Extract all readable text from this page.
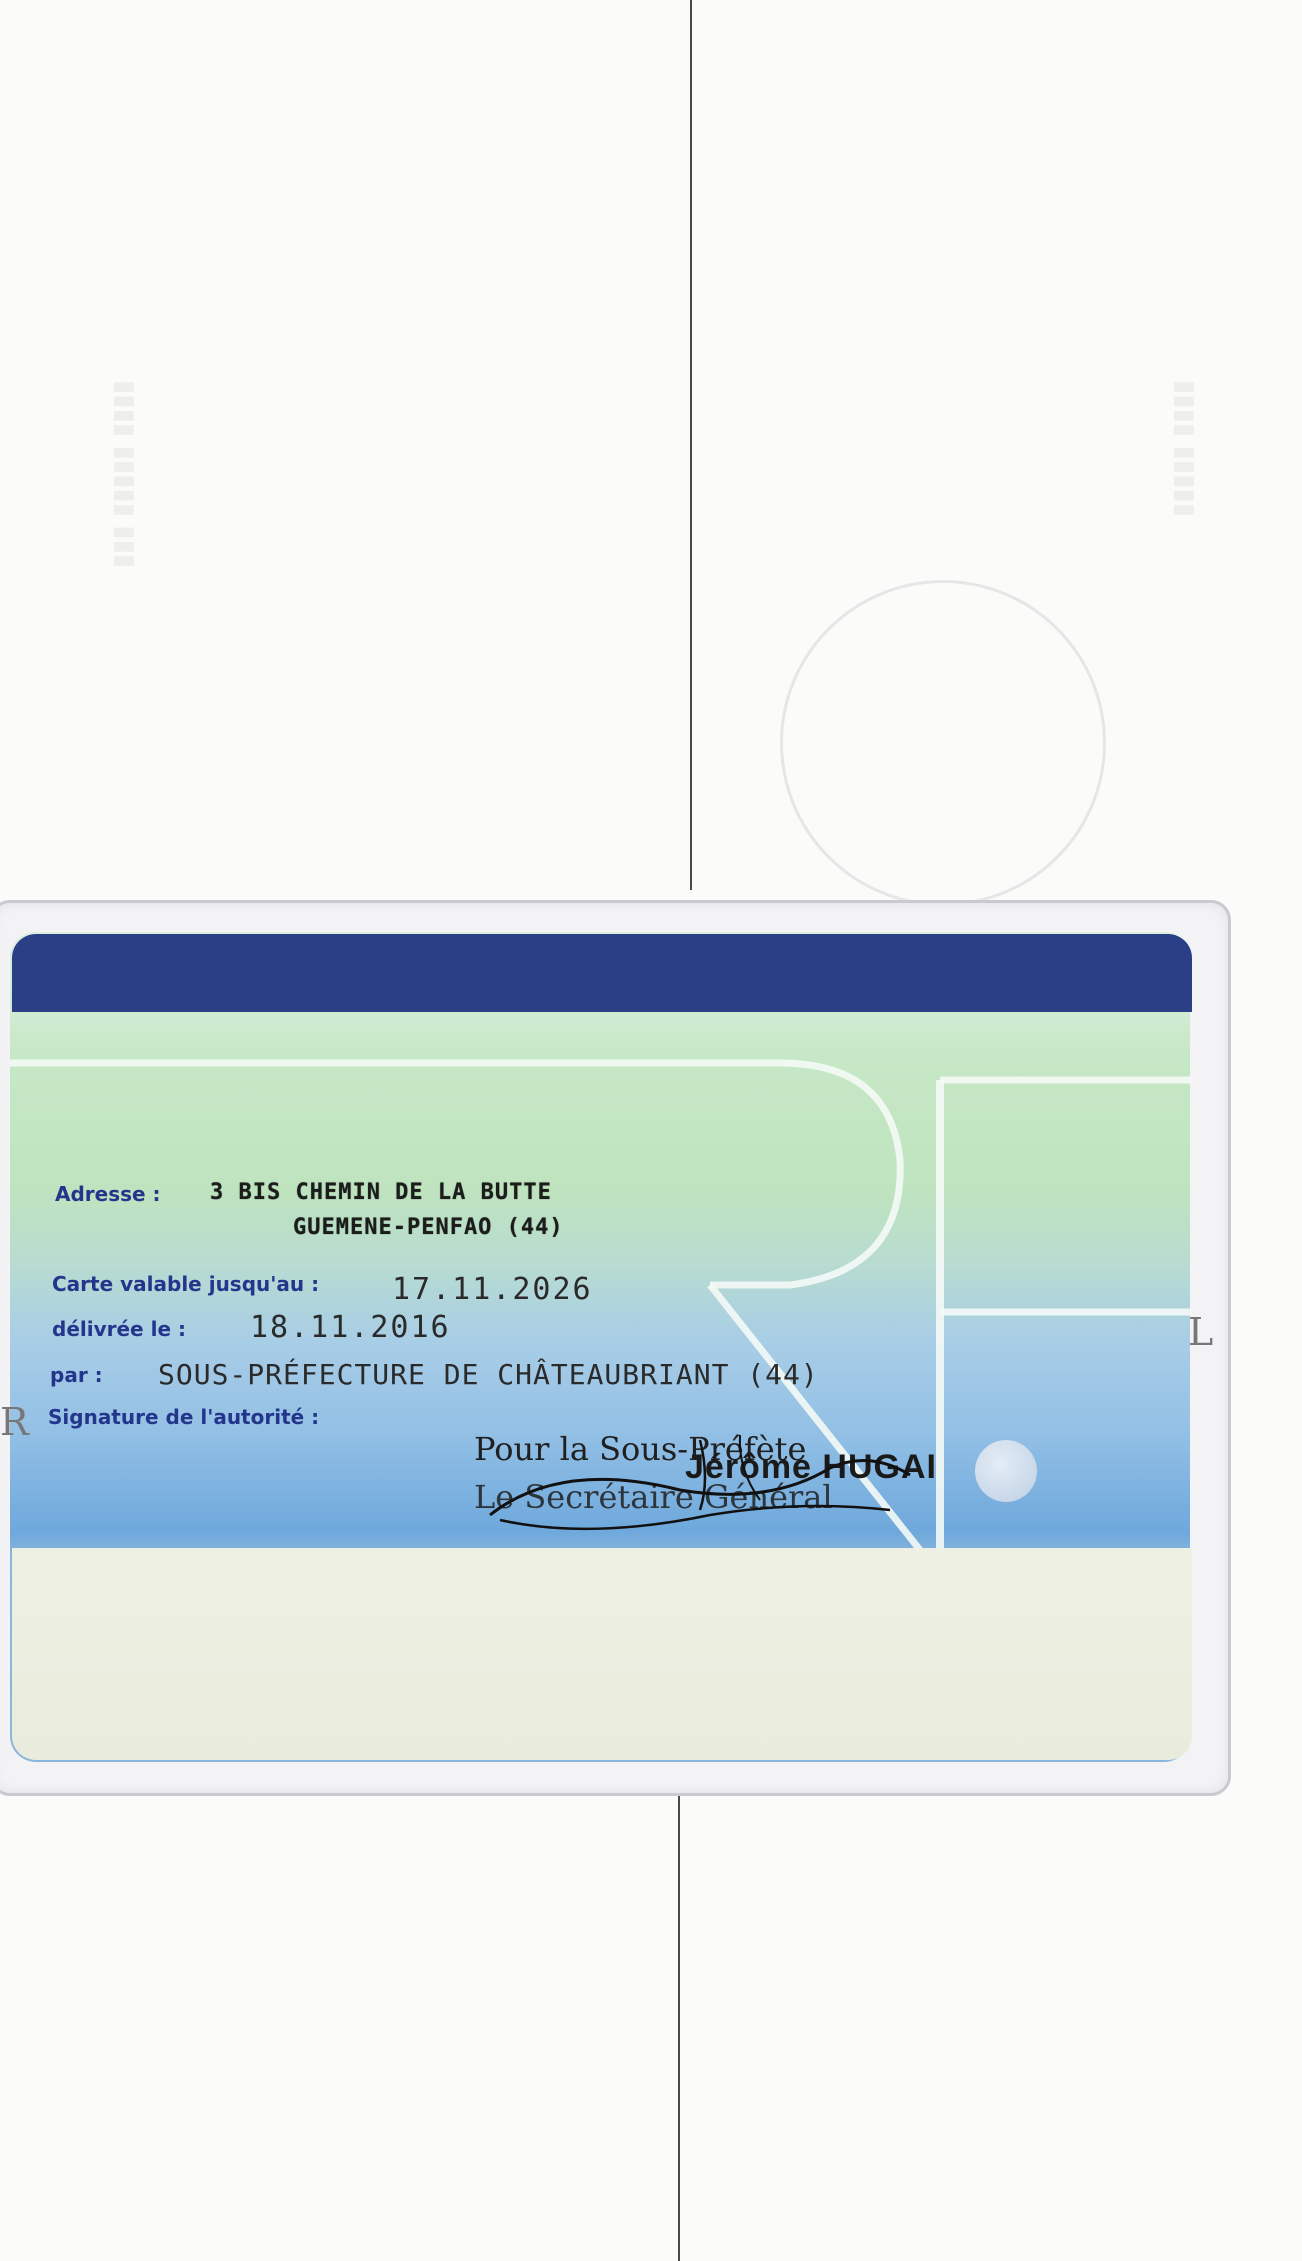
▮▮▮▮ ▮▮▮▮▮ ▮▮▮	▮▮▮▮ ▮▮▮▮▮
Adresse : 3 BIS CHEMIN DE LA BUTTE
GUEMENE-PENFAO (44)
Carte valable jusqu'au : 17.11.2026
délivrée le : 18.11.2016
par : SOUS-PRÉFECTURE DE CHÂTEAUBRIANT (44)
Signature de l'autorité :
Pour la Sous-Préfète
Le Secrétaire Général
Jérôme HUGAI
L
R
